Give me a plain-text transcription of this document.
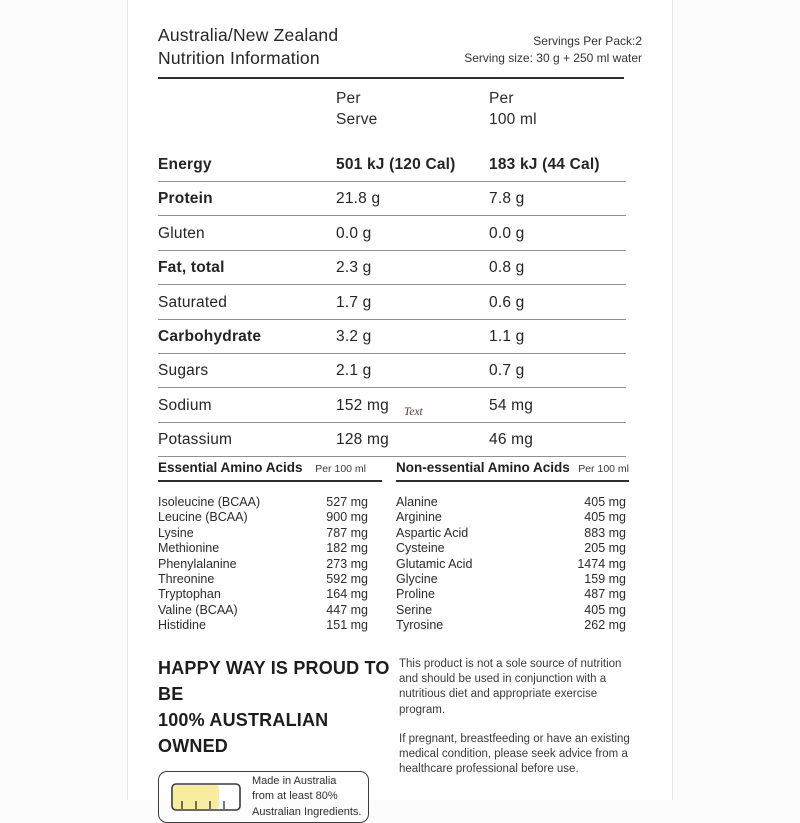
Australia/New Zealand
Nutrition Information
Servings Per Pack:2
Serving size: 30 g + 250 ml water
Per
Serve
Per
100 ml
Energy	501 kJ (120 Cal) 183 kJ (44 Cal)
Protein	21.8 g	7.8 g
Gluten	0.0 g	0.0 g
Fat, total	2.3 g	0.8 g
Saturated	1.7 g	0.6 g
Carbohydrate	3.2 g	1.1 g
Sugars	2.1 g	0.7 g
Sodium	152 mg	54 mg
Potassium	128 mg	46 mg
Text
Essential Amino Acids Per 100 ml
Isoleucine (BCAA)	527 mg
Leucine (BCAA)	900 mg
Lysine	787 mg
Methionine	182 mg
Phenylalanine	273 mg
Threonine	592 mg
Tryptophan	164 mg
Valine (BCAA)	447 mg
Histidine	151 mg
Non-essential Amino Acids Per 100 ml
Alanine	405 mg
Arginine	405 mg
Aspartic Acid	883 mg
Cysteine	205 mg
Glutamic Acid	1474 mg
Glycine	159 mg
Proline	487 mg
Serine	405 mg
Tyrosine	262 mg
HAPPY WAY IS PROUD TO BE
100% AUSTRALIAN OWNED
Made in Australia
from at least 80%
Australian Ingredients.
This product is not a sole source of nutrition and should be used in conjunction with a nutritious diet and appropriate exercise program.
If pregnant, breastfeeding or have an existing medical condition, please seek advice from a healthcare professional before use.
